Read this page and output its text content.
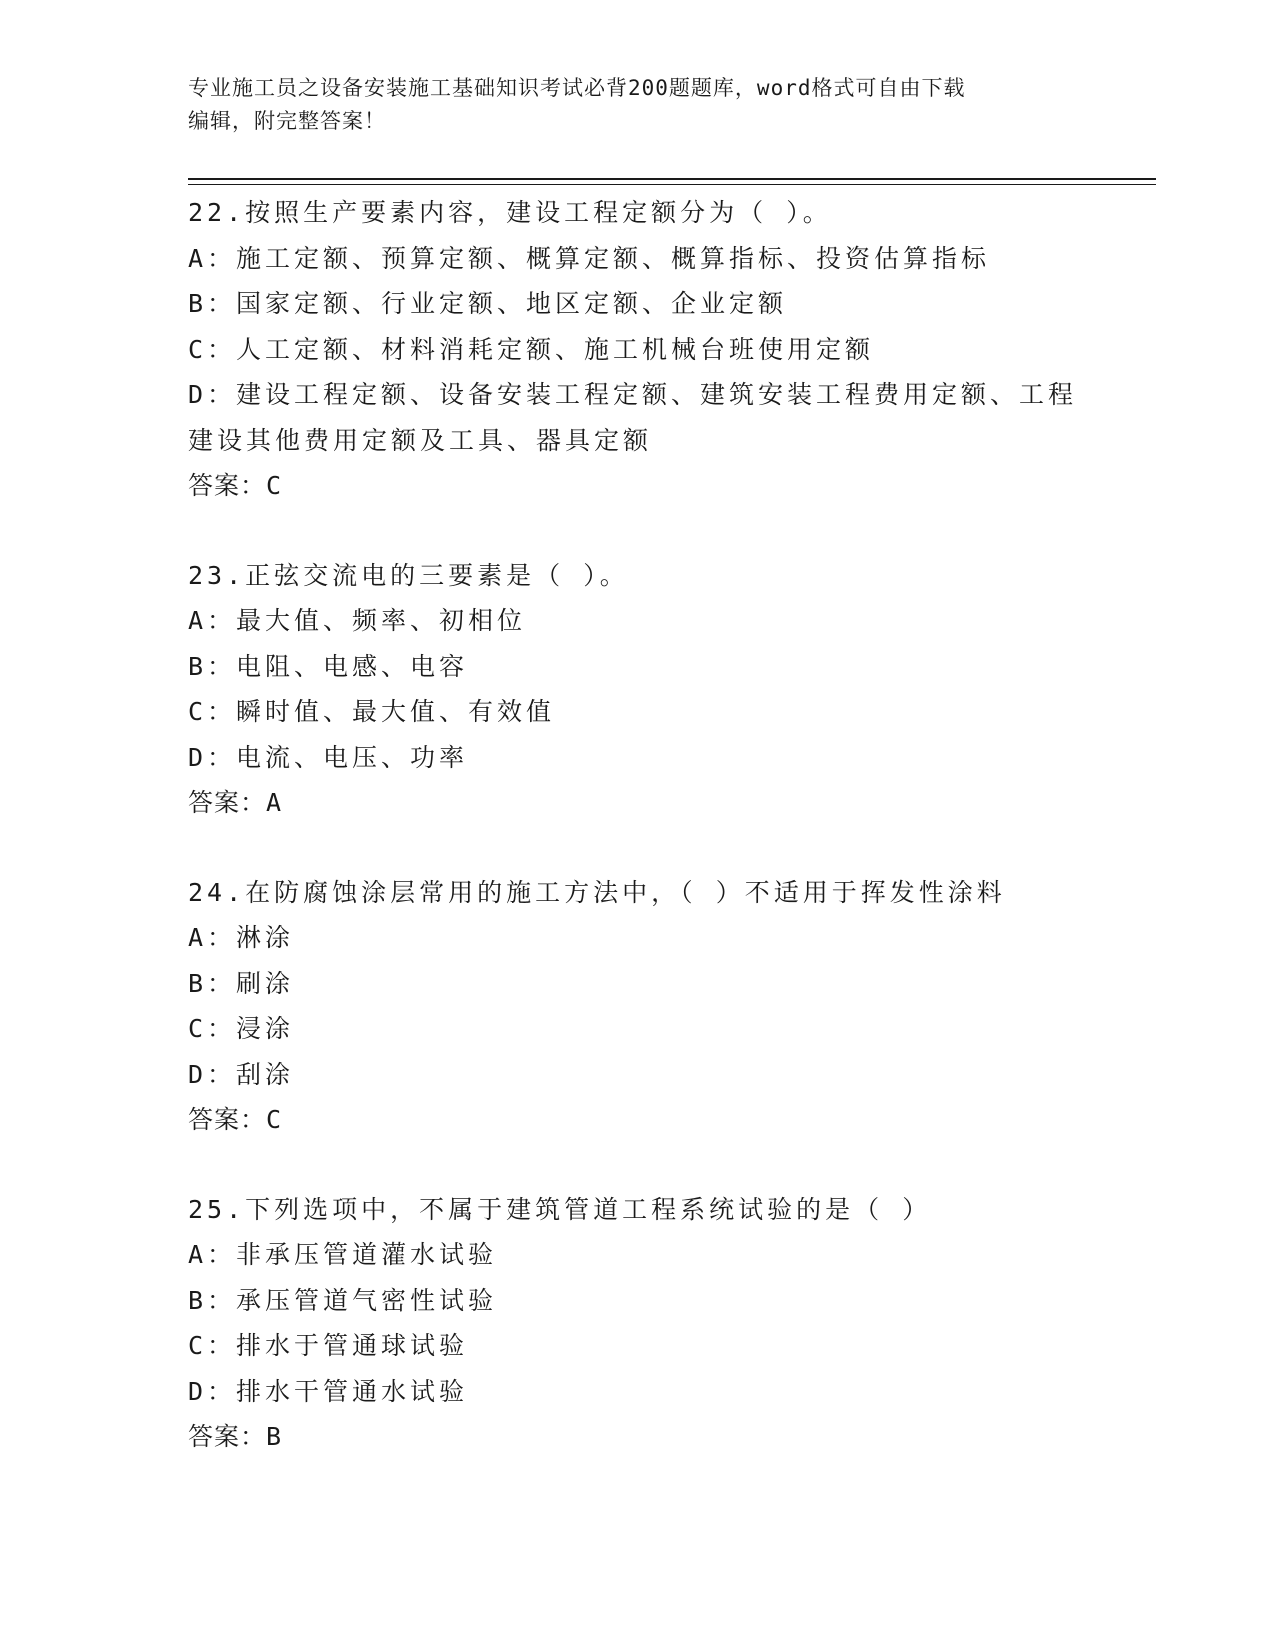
专业施工员之设备安装施工基础知识考试必背200题题库，word格式可自由下载
编辑，附完整答案！
22.按照生产要素内容，建设工程定额分为（ ）。
A：施工定额、预算定额、概算定额、概算指标、投资估算指标
B：国家定额、行业定额、地区定额、企业定额
C：人工定额、材料消耗定额、施工机械台班使用定额
D：建设工程定额、设备安装工程定额、建筑安装工程费用定额、工程
建设其他费用定额及工具、器具定额
答案：C
23.正弦交流电的三要素是（ ）。
A：最大值、频率、初相位
B：电阻、电感、电容
C：瞬时值、最大值、有效值
D：电流、电压、功率
答案：A
24.在防腐蚀涂层常用的施工方法中，（ ）不适用于挥发性涂料
A：淋涂
B：刷涂
C：浸涂
D：刮涂
答案：C
25.下列选项中，不属于建筑管道工程系统试验的是（ ）
A：非承压管道灌水试验
B：承压管道气密性试验
C：排水于管通球试验
D：排水干管通水试验
答案：B
